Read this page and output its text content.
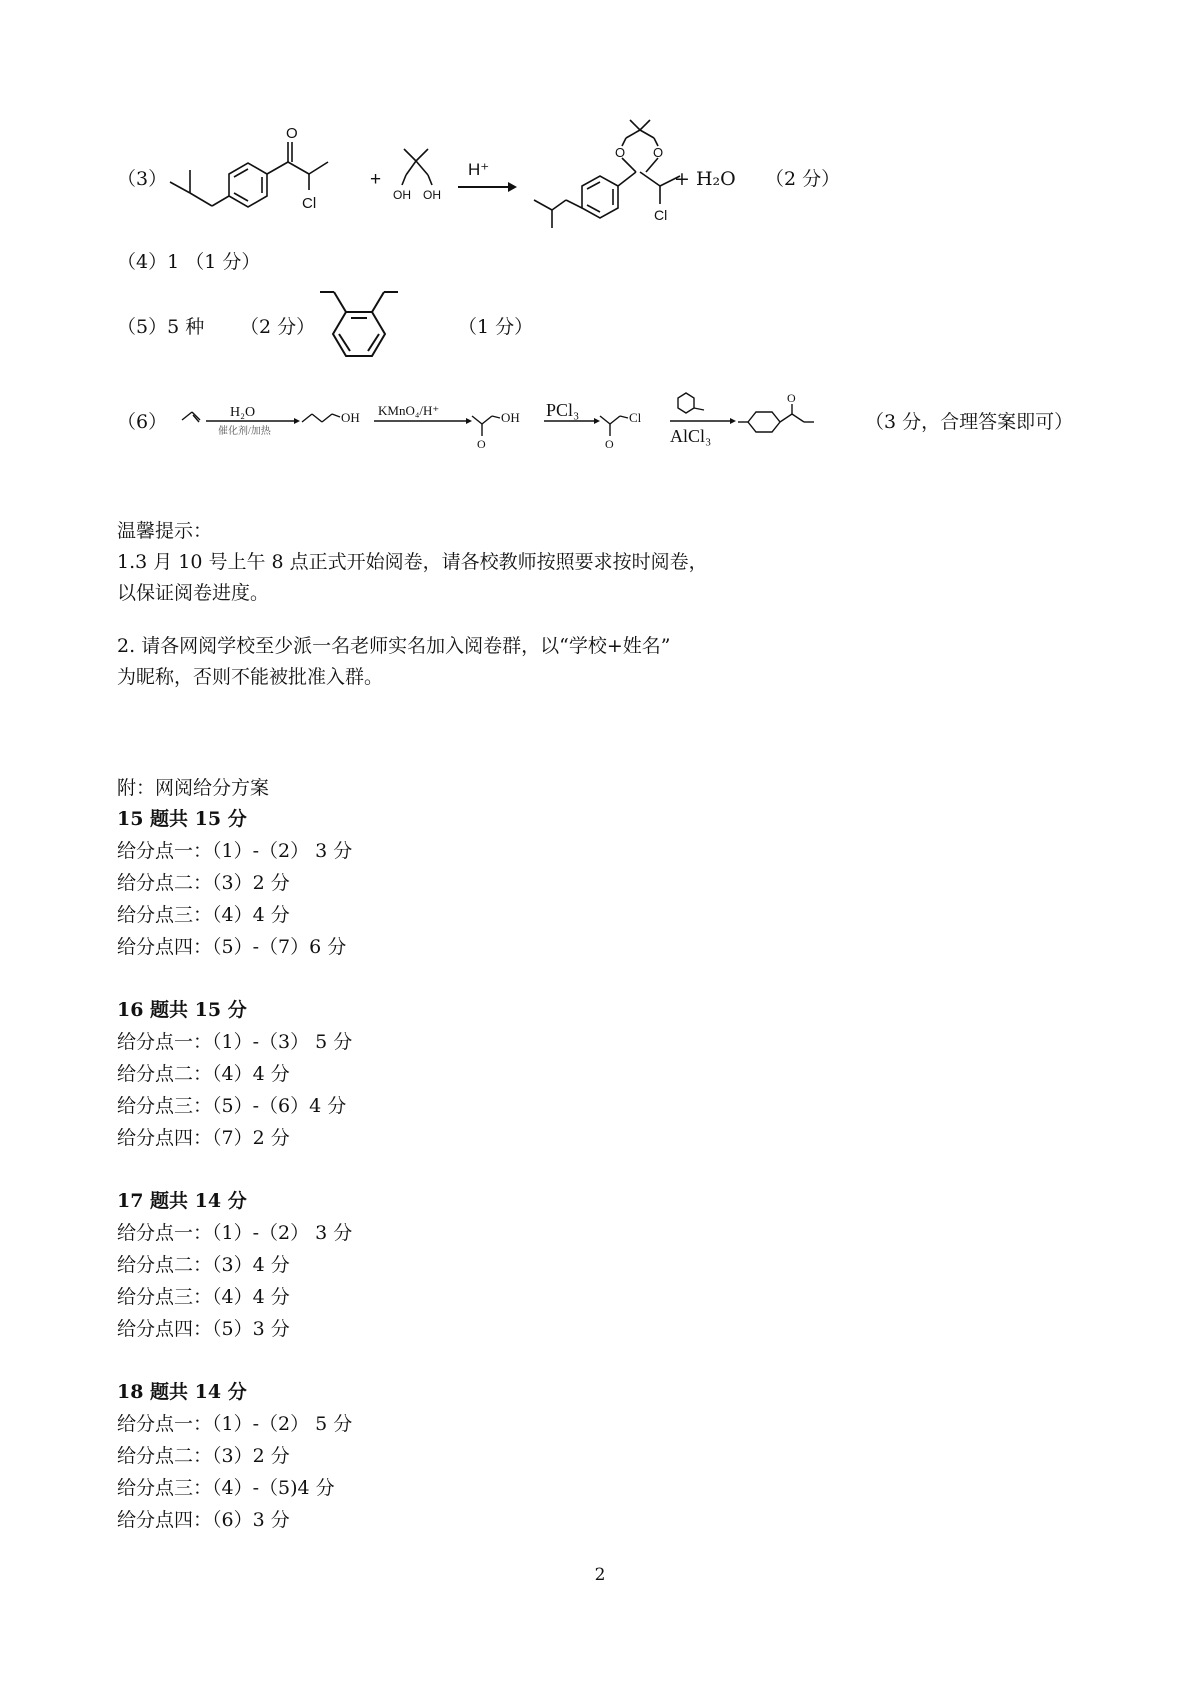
（3）
O
Cl
+
OH OH
H⁺
O O
Cl
+ H₂O （2 分）
（4）1 （1 分）
（5）5 种 （2 分）	（1 分）
（6）	H₂O
催化剂/加热
OH KMnO₄/H⁺	OH
O
PCl₃	Cl
O	AlCl₃
O
（3 分，合理答案即可）
温馨提示：
1.3 月 10 号上午 8 点正式开始阅卷，请各校教师按照要求按时阅卷，
以保证阅卷进度。
2. 请各网阅学校至少派一名老师实名加入阅卷群，以“学校+姓名”
为昵称，否则不能被批准入群。
附：网阅给分方案
15 题共 15 分
给分点一：（1）-（2） 3 分
给分点二：（3）2 分
给分点三：（4）4 分
给分点四：（5）-（7）6 分
16 题共 15 分
给分点一：（1）-（3） 5 分
给分点二：（4）4 分
给分点三：（5）-（6）4 分
给分点四：（7）2 分
17 题共 14 分
给分点一：（1）-（2） 3 分
给分点二：（3）4 分
给分点三：（4）4 分
给分点四：（5）3 分
18 题共 14 分
给分点一：（1）-（2） 5 分
给分点二：（3）2 分
给分点三：（4）-（5)4 分
给分点四：（6）3 分
2
